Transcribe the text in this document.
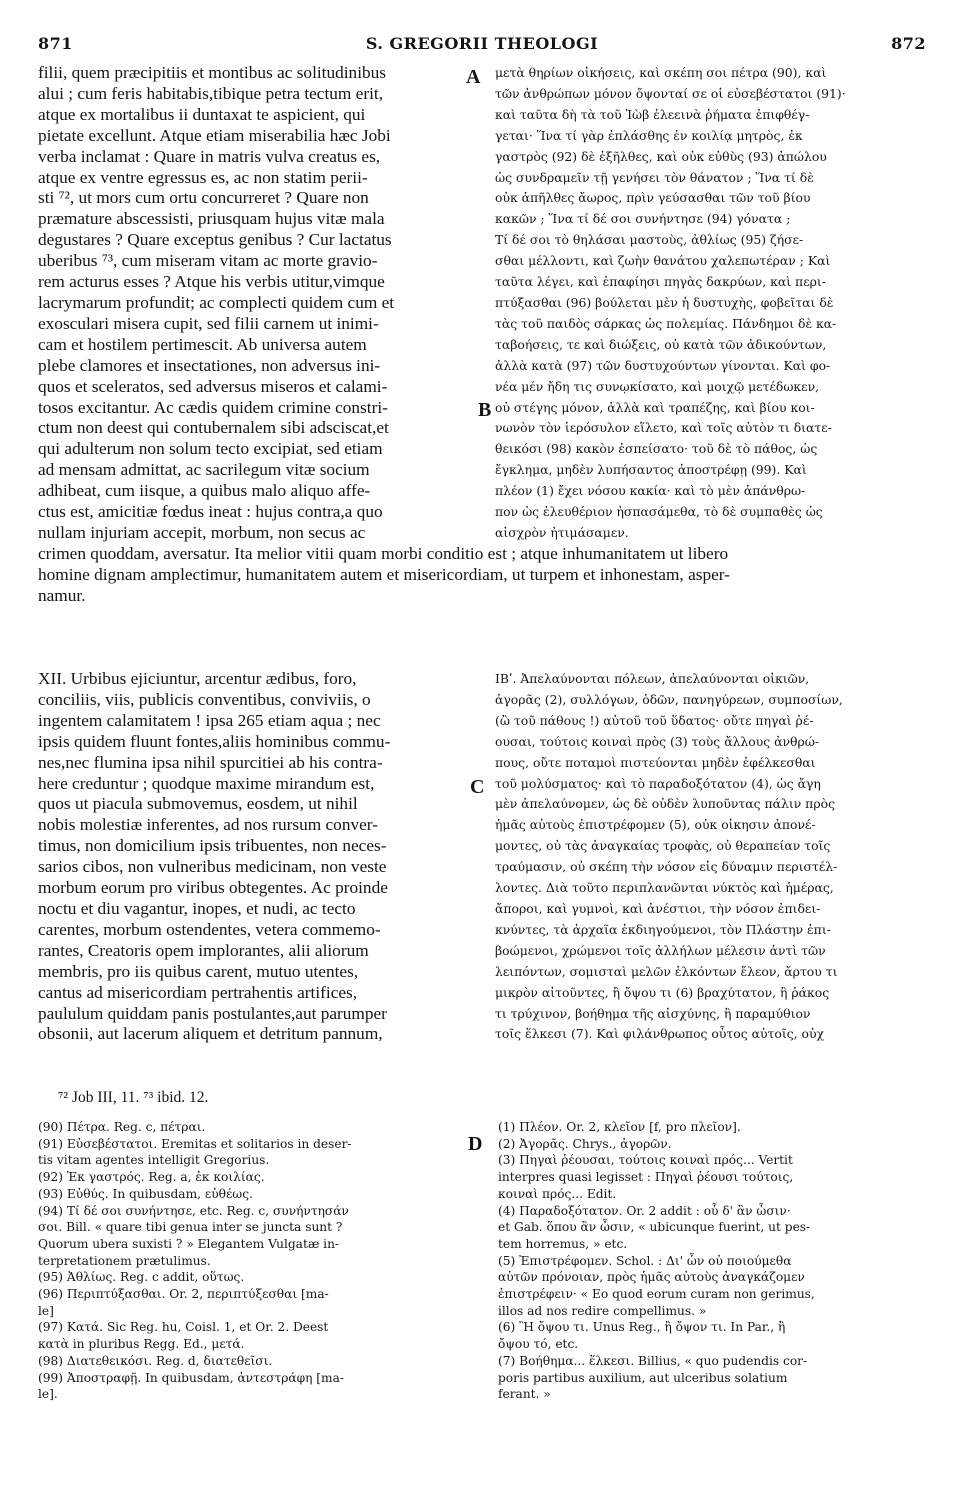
871	S. GREGORII THEOLOGI	872
A
B
C
D
filii, quem præcipitiis et montibus ac solitudinibus
alui ; cum feris habitabis,tibique petra tectum erit,
atque ex mortalibus ii duntaxat te aspicient, qui
pietate excellunt. Atque etiam miserabilia hæc Jobi
verba inclamat : Quare in matris vulva creatus es,
atque ex ventre egressus es, ac non statim perii-
sti ⁷², ut mors cum ortu concurreret ? Quare non
præmature abscessisti, priusquam hujus vitæ mala
degustares ? Quare exceptus genibus ? Cur lactatus
uberibus ⁷³, cum miseram vitam ac morte gravio-
rem acturus esses ? Atque his verbis utitur,vimque
lacrymarum profundit; ac complecti quidem cum et
exosculari misera cupit, sed filii carnem ut inimi-
cam et hostilem pertimescit. Ab universa autem
plebe clamores et insectationes, non adversus ini-
quos et sceleratos, sed adversus miseros et calami-
tosos excitantur. Ac cædis quidem crimine constri-
ctum non deest qui contubernalem sibi adsciscat,et
qui adulterum non solum tecto excipiat, sed etiam
ad mensam admittat, ac sacrilegum vitæ socium
adhibeat, cum iisque, a quibus malo aliquo affe-
ctus est, amicitiæ fœdus ineat : hujus contra,a quo
nullam injuriam accepit, morbum, non secus ac
μετὰ θηρίων οἰκήσεις, καὶ σκέπη σοι πέτρα (90), καὶ
τῶν ἀνθρώπων μόνον ὄψονταί σε οἱ εὐσεβέστατοι (91)·
καὶ ταῦτα δὴ τὰ τοῦ Ἰὼβ ἐλεεινὰ ῥήματα ἐπιφθέγ-
γεται· Ἵνα τί γὰρ ἐπλάσθης ἐν κοιλίᾳ μητρὸς, ἐκ
γαστρὸς (92) δὲ ἐξῆλθες, καὶ οὐκ εὐθὺς (93) ἀπώλου
ὡς συνδραμεῖν τῇ γενήσει τὸν θάνατον ; Ἵνα τί δὲ
οὐκ ἀπῆλθες ἄωρος, πρὶν γεύσασθαι τῶν τοῦ βίου
κακῶν ; Ἵνα τί δέ σοι συνήντησε (94) γόνατα ;
Τί δέ σοι τὸ θηλάσαι μαστοὺς, ἀθλίως (95) ζήσε-
σθαι μέλλοντι, καὶ ζωὴν θανάτου χαλεπωτέραν ; Καὶ
ταῦτα λέγει, καὶ ἐπαφίησι πηγὰς δακρύων, καὶ περι-
πτύξασθαι (96) βούλεται μὲν ἡ δυστυχὴς, φοβεῖται δὲ
τὰς τοῦ παιδὸς σάρκας ὡς πολεμίας. Πάνδημοι δὲ κα-
ταβοήσεις, τε καὶ διώξεις, οὐ κατὰ τῶν ἀδικούντων,
ἀλλὰ κατὰ (97) τῶν δυστυχούντων γίνονται. Καὶ φο-
νέα μέν ἤδη τις συνῳκίσατο, καὶ μοιχῷ μετέδωκεν,
οὐ στέγης μόνον, ἀλλὰ καὶ τραπέζης, καὶ βίου κοι-
νωνὸν τὸν ἱερόσυλον εἵλετο, καὶ τοῖς αὐτὸν τι διατε-
θεικόσι (98) κακὸν ἐσπείσατο· τοῦ δὲ τὸ πάθος, ὡς
ἔγκλημα, μηδὲν λυπήσαντος ἀποστρέφῃ (99). Καὶ
πλέον (1) ἔχει νόσου κακία· καὶ τὸ μὲν ἀπάνθρω-
πον ὡς ἐλευθέριον ἠσπασάμεθα, τὸ δὲ συμπαθὲς ὡς
αἰσχρὸν ἠτιμάσαμεν.
crimen quoddam, aversatur. Ita melior vitii quam morbi conditio est ; atque inhumanitatem ut libero
homine dignam amplectimur, humanitatem autem et misericordiam, ut turpem et inhonestam, asper-
namur.
XII. Urbibus ejiciuntur, arcentur ædibus, foro,
conciliis, viis, publicis conventibus, conviviis, o
ingentem calamitatem ! ipsa 265 etiam aqua ; nec
ipsis quidem fluunt fontes,aliis hominibus commu-
nes,nec flumina ipsa nihil spurcitiei ab his contra-
here creduntur ; quodque maxime mirandum est,
quos ut piacula submovemus, eosdem, ut nihil
nobis molestiæ inferentes, ad nos rursum conver-
timus, non domicilium ipsis tribuentes, non neces-
sarios cibos, non vulneribus medicinam, non veste
morbum eorum pro viribus obtegentes. Ac proinde
noctu et diu vagantur, inopes, et nudi, ac tecto
carentes, morbum ostendentes, vetera commemo-
rantes, Creatoris opem implorantes, alii aliorum
membris, pro iis quibus carent, mutuo utentes,
cantus ad misericordiam pertrahentis artifices,
paululum quiddam panis postulantes,aut parumper
obsonii, aut lacerum aliquem et detritum pannum,
ΙΒʹ. Ἀπελαύνονται πόλεων, ἀπελαύνονται οἰκιῶν,
ἀγορᾶς (2), συλλόγων, ὁδῶν, πανηγύρεων, συμποσίων,
(ὢ τοῦ πάθους !) αὐτοῦ τοῦ ὕδατος· οὔτε πηγαὶ ῥέ-
ουσαι, τούτοις κοιναὶ πρὸς (3) τοὺς ἄλλους ἀνθρώ-
πους, οὔτε ποταμοὶ πιστεύονται μηδὲν ἐφέλκεσθαι
τοῦ μολύσματος· καὶ τὸ παραδοξότατον (4), ὡς ἄγη
μὲν ἀπελαύνομεν, ὡς δὲ οὐδὲν λυποῦντας πάλιν πρὸς
ἡμᾶς αὐτοὺς ἐπιστρέφομεν (5), οὐκ οἰκησιν ἀπονέ-
μοντες, οὐ τὰς ἀναγκαίας τροφὰς, οὐ θεραπείαν τοῖς
τραύμασιν, οὐ σκέπη τὴν νόσον εἰς δύναμιν περιστέλ-
λοντες. Διὰ τοῦτο περιπλανῶνται νύκτὸς καὶ ἡμέρας,
ἄποροι, καὶ γυμνοὶ, καὶ ἀνέστιοι, τὴν νόσον ἐπιδει-
κνύντες, τὰ ἀρχαῖα ἐκδιηγούμενοι, τὸν Πλάστην ἐπι-
βοώμενοι, χρώμενοι τοῖς ἀλλήλων μέλεσιν ἀντὶ τῶν
λειπόντων, σομισταὶ μελῶν ἑλκόντων ἔλεον, ἄρτου τι
μικρὸν αἰτοῦντες, ἢ ὄψου τι (6) βραχύτατον, ἢ ῥάκος
τι τρύχινον, βοήθημα τῆς αἰσχύνης, ἢ παραμύθιον
τοῖς ἕλκεσι (7). Καὶ φιλάνθρωπος οὗτος αὐτοῖς, οὐχ
⁷² Job III, 11. ⁷³ ibid. 12.
(90) Πέτρα. Reg. c, πέτραι.
(91) Εὐσεβέστατοι. Eremitas et solitarios in deser-
tis vitam agentes intelligit Gregorius.
(92) Ἐκ γαστρός. Reg. a, ἐκ κοιλίας.
(93) Εὐθύς. In quibusdam, εὐθέως.
(94) Τί δέ σοι συνήντησε, etc. Reg. c, συνήντησάν
σοι. Bill. « quare tibi genua inter se juncta sunt ?
Quorum ubera suxisti ? » Elegantem Vulgatæ in-
terpretationem prætulimus.
(95) Ἀθλίως. Reg. c addit, οὕτως.
(96) Περιπτύξασθαι. Or. 2, περιπτύξεσθαι [ma-
le]
(97) Κατά. Sic Reg. hu, Coisl. 1, et Or. 2. Deest
κατὰ in pluribus Regg. Ed., μετά.
(98) Διατεθεικόσι. Reg. d, διατεθεῖσι.
(99) Ἀποστραφῇ. In quibusdam, ἀντεστράφη [ma-
le].
(1) Πλέον. Or. 2, κλεῖον [f, pro πλεῖον].
(2) Ἀγορᾶς. Chrys., ἀγορῶν.
(3) Πηγαὶ ῥέουσαι, τούτοις κοιναὶ πρός... Vertit
interpres quasi legisset : Πηγαὶ ῥέουσι τούτοις,
κοιναὶ πρός... Edit.
(4) Παραδοξότατον. Or. 2 addit : οὗ δ' ἂν ὦσιν·
et Gab. ὅπου ἂν ὦσιν, « ubicunque fuerint, ut pes-
tem horremus, » etc.
(5) Ἐπιστρέφομεν. Schol. : Δι' ὧν οὐ ποιούμεθα
αὐτῶν πρόνοιαν, πρὸς ἡμᾶς αὐτοὺς ἀναγκάζομεν
ἐπιστρέφειν· « Eo quod eorum curam non gerimus,
illos ad nos redire compellimus. »
(6) Ἢ ὄψου τι. Unus Reg., ἢ ὄψον τι. In Par., ἢ
ὄψου τό, etc.
(7) Βοήθημα... ἕλκεσι. Billius, « quo pudendis cor-
poris partibus auxilium, aut ulceribus solatium
ferant. »
